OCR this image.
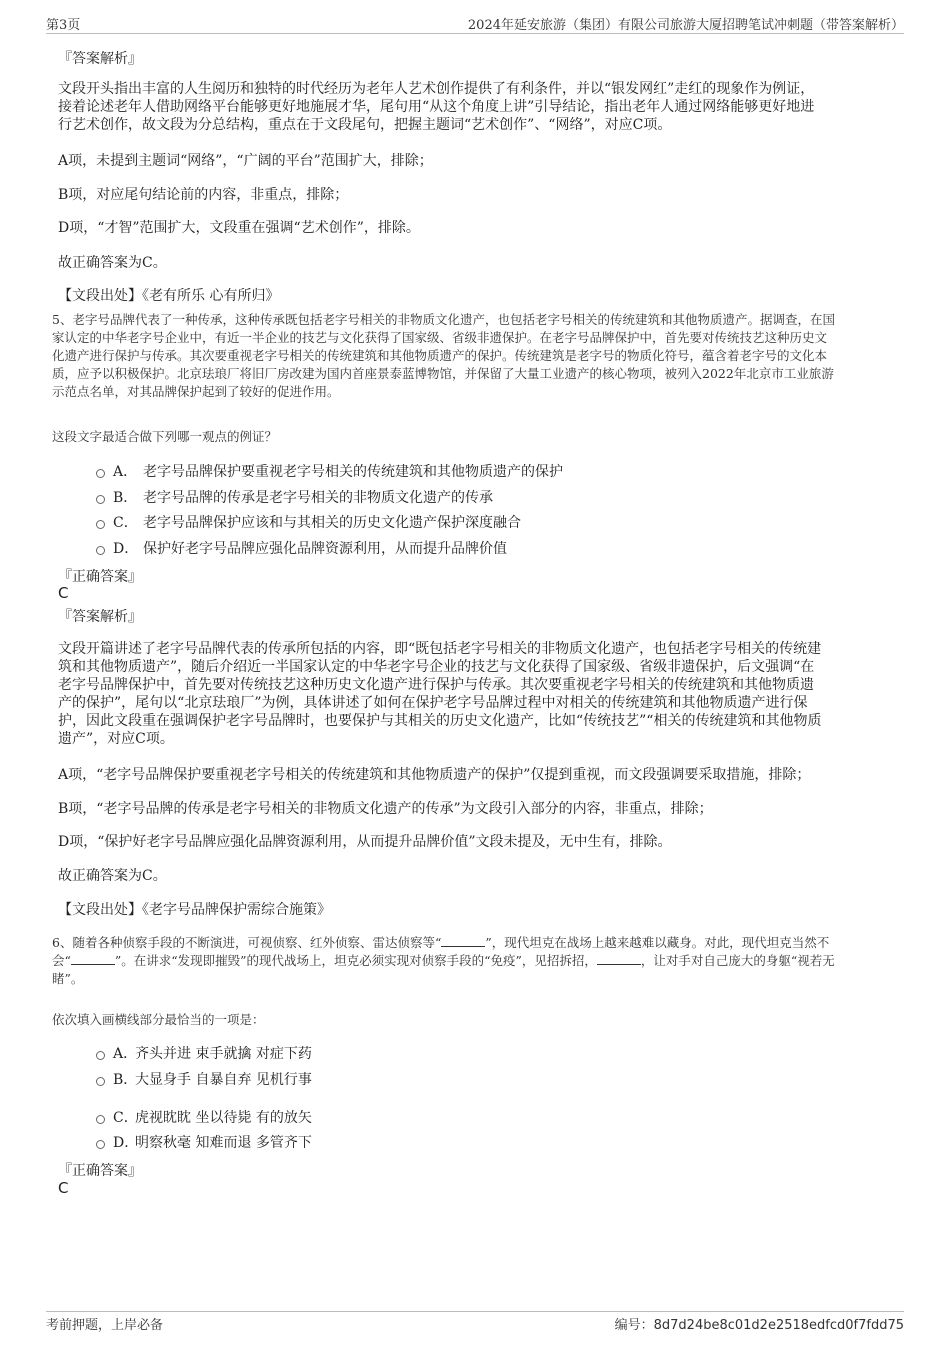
第3页	2024年延安旅游（集团）有限公司旅游大厦招聘笔试冲刺题（带答案解析）
『答案解析』
文段开头指出丰富的人生阅历和独特的时代经历为老年人艺术创作提供了有利条件，并以“银发网红”走红的现象作为例证，
接着论述老年人借助网络平台能够更好地施展才华，尾句用“从这个角度上讲”引导结论，指出老年人通过网络能够更好地进
行艺术创作，故文段为分总结构，重点在于文段尾句，把握主题词“艺术创作”、“网络”，对应C项。
A项，未提到主题词“网络”，“广阔的平台”范围扩大，排除；
B项，对应尾句结论前的内容，非重点，排除；
D项，“才智”范围扩大，文段重在强调“艺术创作”，排除。
故正确答案为C。
【文段出处】《老有所乐 心有所归》
5、老字号品牌代表了一种传承，这种传承既包括老字号相关的非物质文化遗产，也包括老字号相关的传统建筑和其他物质遗产。据调查，在国
家认定的中华老字号企业中，有近一半企业的技艺与文化获得了国家级、省级非遗保护。在老字号品牌保护中，首先要对传统技艺这种历史文
化遗产进行保护与传承。其次要重视老字号相关的传统建筑和其他物质遗产的保护。传统建筑是老字号的物质化符号，蕴含着老字号的文化本
质，应予以积极保护。北京珐琅厂将旧厂房改建为国内首座景泰蓝博物馆，并保留了大量工业遗产的核心物项，被列入2022年北京市工业旅游
示范点名单，对其品牌保护起到了较好的促进作用。
这段文字最适合做下列哪一观点的例证？
A． 老字号品牌保护要重视老字号相关的传统建筑和其他物质遗产的保护
B． 老字号品牌的传承是老字号相关的非物质文化遗产的传承
C． 老字号品牌保护应该和与其相关的历史文化遗产保护深度融合
D． 保护好老字号品牌应强化品牌资源利用，从而提升品牌价值
『正确答案』
C
『答案解析』
文段开篇讲述了老字号品牌代表的传承所包括的内容，即“既包括老字号相关的非物质文化遗产，也包括老字号相关的传统建
筑和其他物质遗产”，随后介绍近一半国家认定的中华老字号企业的技艺与文化获得了国家级、省级非遗保护，后文强调“在
老字号品牌保护中，首先要对传统技艺这种历史文化遗产进行保护与传承。其次要重视老字号相关的传统建筑和其他物质遗
产的保护”，尾句以“北京珐琅厂”为例，具体讲述了如何在保护老字号品牌过程中对相关的传统建筑和其他物质遗产进行保
护，因此文段重在强调保护老字号品牌时，也要保护与其相关的历史文化遗产，比如“传统技艺”“相关的传统建筑和其他物质
遗产”，对应C项。
A项，“老字号品牌保护要重视老字号相关的传统建筑和其他物质遗产的保护”仅提到重视，而文段强调要采取措施，排除；
B项，“老字号品牌的传承是老字号相关的非物质文化遗产的传承”为文段引入部分的内容，非重点，排除；
D项，“保护好老字号品牌应强化品牌资源利用，从而提升品牌价值”文段未提及，无中生有，排除。
故正确答案为C。
【文段出处】《老字号品牌保护需综合施策》
6、随着各种侦察手段的不断演进，可视侦察、红外侦察、雷达侦察等“	”，现代坦克在战场上越来越难以藏身。对此，现代坦克当然不
会“	”。在讲求“发现即摧毁”的现代战场上，坦克必须实现对侦察手段的“免疫”，见招拆招，	，让对手对自己庞大的身躯“视若无
睹”。
依次填入画横线部分最恰当的一项是：
A．
齐头并进 束手就擒 对症下药
B．
大显身手 自暴自弃 见机行事
C．
虎视眈眈 坐以待毙 有的放矢
D．
明察秋毫 知难而退 多管齐下
『正确答案』
C
考前押题，上岸必备	编号：8d7d24be8c01d2e2518edfcd0f7fdd75
